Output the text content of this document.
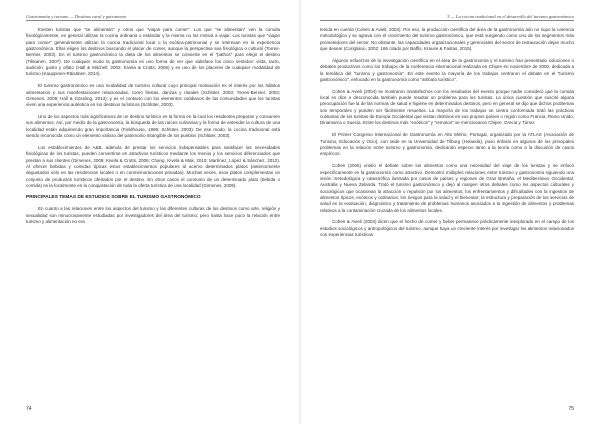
Gastronomía y turismo — Destinos rural y patrimonio

Existen turistas que "se alimentan" y otros que "viajan para comer". Los que "se alimentan" ven la comida fisiológicamente, en general utilizan la cocina ordinaria o estándar y la misma no los motiva a viajar. Los turistas que "viajan para comer" generalmente utilizan la cocina tradicional local o la exótica-patrimonial y se interesan en la experiencia gastronómica. Ellos eligen los destinos buscando el placer de comer, aunque la perspectiva sea fisiológica o cultural (Torres-Bernier, 2003). En el turismo gastronómico la dieta de los alimentos se convierte en el "pathos" para elegir el destino (Tikkanen, 2007). De cualquier modo la gastronomía es uno forma de ver que satisface los cinco sentidos: vista, tacto, audición, gusto y olfato (Hall & Mitchell, 2002; Kivela & Crotts, 2006) y es uno de los placeres de cualquier modalidad de turismo (Kauppinen-Räisänen, 2014).

El turismo gastronómico es una modalidad de turismo cultural cuyo principal motivación es el interés por los hábitos alimentarios y sus manifestaciones relacionadas, como fiestas, danzas y rituales (Schlüter, 2003; Torres-Bernier, 2003; Gimenes, 2009; Hall & Gössling, 2013); y es el contacto con los elementos cotidianos de las comunidades que los turistas viven una experiencia auténtica en los destinos turísticos (Schlüter, 2003).

Uno de los aspectos más significativos de un destino turístico es la forma en la cual los residentes preparan y consumen sus alimentos. Así, por medio de la gastronomía, la búsqueda de las raíces culinarias y la forma de entender la cultura de una localidad están adquiriendo gran importancia (Fieldhouse, 1986; Schlüter, 2003). De ese modo, la cocina tradicional está siendo reconocida como un elemento valioso del patrimonio intangible de los pueblos (Schlüter, 2003).

Los establecimientos de A&B, además de prestar los servicios indispensables para satisfacer las necesidades fisiológicas de los turistas, pueden convertirse en atractivos turísticos mediante los menús y los servicios diferenciados que prestan a sus clientes (Gimenes, 2009; Kivela & Crotts, 2006; Chang, Kivela & Mak, 2010; Martínez, López & Sánchez, 2012). Al ofrecer bebidas y comidas típicas estos establecimientos populares al acervo determinados platos (anteriormente degustados sólo en las residencias locales o en conmemoraciones privadas). Muchas veces, esos platos complementan un conjunto de productos turísticos ofertados por el destino. En otros casos el consumo de un determinado plato (bebida o comida) es la focalmente en la conquistación de toda la oferta turística de una localidad (Gimenes, 2009).

PRINCIPALES TEMAS DE ESTUDIOS SOBRE EL TURISMO GASTRONÓMICO

En cuanto a las relaciones entre los aspectos del turismo y las diferentes culturas de los destinos como arte, religión y sexualidad son minuciosamente estudiadas por investigadores del área del turismo; pero hasta hace poco la relación entre turismo y alimentación no era

74
5 — La cocina tradicional en el desarrollo del turismo gastronómico

tenida en cuenta (Cohen & Avieli, 2004). Por eso, la producción científica del área de la gastronomía aún no supo la carencia metodológica y se agrava con el crecimiento del turismo gastronómico, que está surgiendo como uno de los segmentos más prometedores del sector. No obstante, las capacidades organizacionales y gerenciales del sector de restauración dejan mucho que desear (Corigliano, 2002: 166 citado por Baffis, Krause & Fastas, 2015).

Algunos esfuerzos de la investigación científica en el área de la gastronomía y el turismo han presentado soluciones o debates productivos como los trabajos de la conferencia internacional realizada en Chipre en noviembre de 2000, dedicada a la temática del "turismo y gastronomía". En este evento la mayoría de los trabajos centraron el debate en el "turismo gastronómico", enfocado en la gastronomía como "atributo turístico".

Cohen & Avieli (2004) se mostraron insatisfechos con los resultados del evento porque nadie consideró que la comida local es dice o desconocida también puede resultar un problema para los turistas. La única cuestión que suscitó alguna preocupación fue la de las normas de salud e higiene en determinados destinos, pero en general se dijo que dichos problemas son temporales y pueden ser fácilmente resueltos. La mayoría de los trabajos se centra conformada trató las prácticas culinarias de los turistas de Europa Occidental que visitan destinos en sus propios países o región como Francia, Reino Unido, Dinamarca o Suecia. Entre los destinos más "exóticos" y "remotos" se mencionaron Chipre, Grecia y Túnez.

El Primer Congreso Internacional de Gastronomía en Alto Minho, Portugal, organizado por la ATLAS (Asociación de Turismo, Educación y Ocio), con sede en la Universidad de Tilburg (Holanda), puso énfasis en algunos de los principales problemas en la relación entre turismo y gastronomía, dedicando especio tanto a la teoría como a la discusión de casos empíricos.

Cohen (2006) omitió el debate sobre los alimentos como una necesidad del viaje de los turistas y se enfocó específicamente en la gastronomía como atractivo. Demostró múltiples relaciones entre turismo y gastronomía siguiendo una visión metodológica y catastrófica ilustrada por casos de países y regiones de Gran Bretaña, el Mediterráneo Occidental, Australia y Nueva Zelanda. Trató el turismo gastronómico y dejó al margen otros debates como los aspectos culturales y sociológicos que ocasionan la atracción o repulsión por los alimentos; los enfrentamientos y dificultades con la ingestión de alimentos típicos, exóticos y ordinarios; los riesgos para la salud y el bienestar; la estructura y preparación de los servicios de salud en la evaluación, diagnóstico y tratamiento de problemas humanos asociados a la ingestión de alimentos y problemas relativos a la contaminación cruzada de los alimentos locales.

Cohen & Avieli (2004) dicen que el hecho de comer y beber permanece prácticamente inexplorado en el campo de los estudios sociológicos y antropológicos del turismo, aunque haya un creciente interés por investigar los alimentos relacionados con experiencias turísticas.

75
